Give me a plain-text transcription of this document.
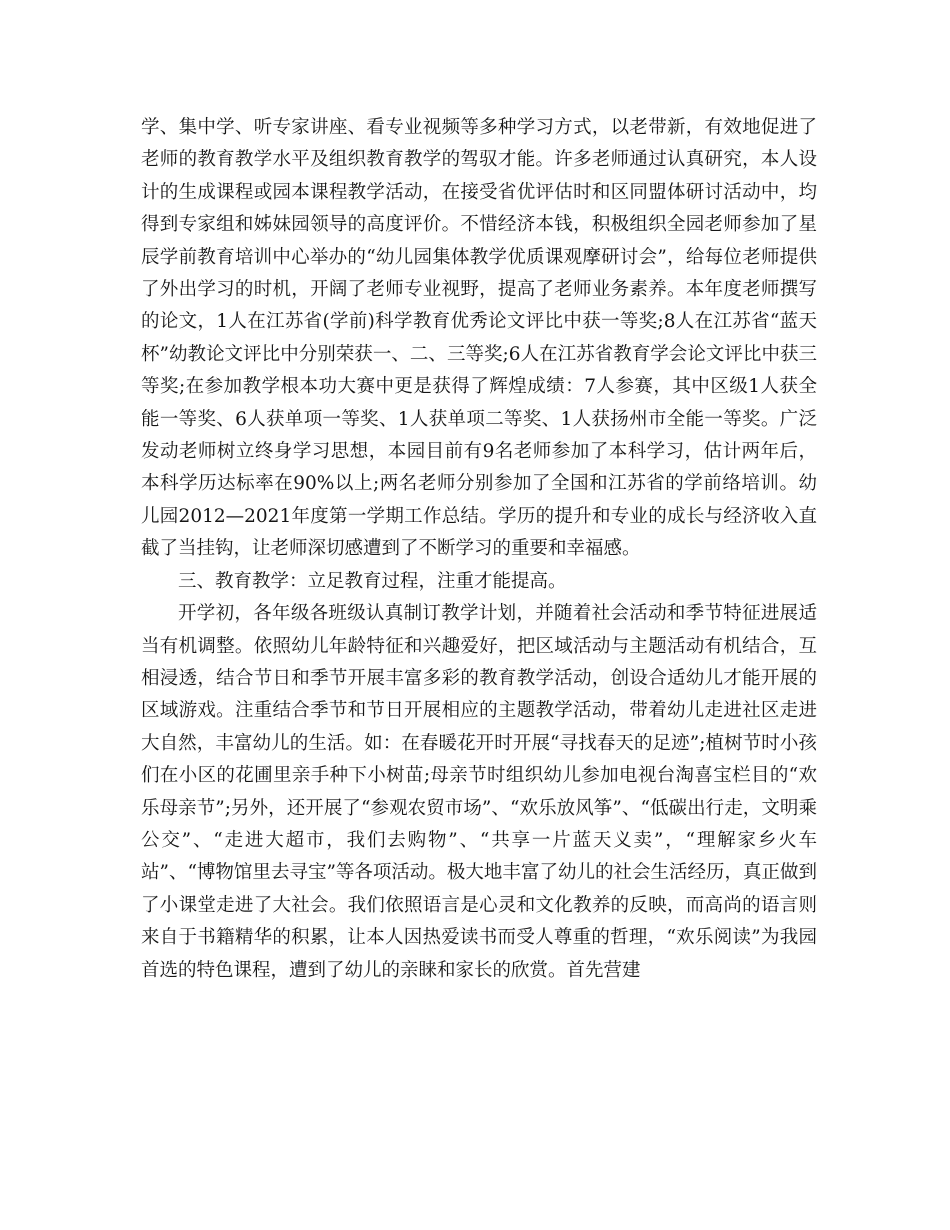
学、集中学、听专家讲座、看专业视频等多种学习方式，以老带新，有效地促进了老师的教育教学水平及组织教育教学的驾驭才能。许多老师通过认真研究，本人设计的生成课程或园本课程教学活动，在接受省优评估时和区同盟体研讨活动中，均得到专家组和姊妹园领导的高度评价。不惜经济本钱，积极组织全园老师参加了星辰学前教育培训中心举办的“幼儿园集体教学优质课观摩研讨会”，给每位老师提供了外出学习的时机，开阔了老师专业视野，提高了老师业务素养。本年度老师撰写的论文，1人在江苏省(学前)科学教育优秀论文评比中获一等奖;8人在江苏省“蓝天杯”幼教论文评比中分别荣获一、二、三等奖;6人在江苏省教育学会论文评比中获三等奖;在参加教学根本功大赛中更是获得了辉煌成绩：7人参赛，其中区级1人获全能一等奖、6人获单项一等奖、1人获单项二等奖、1人获扬州市全能一等奖。广泛发动老师树立终身学习思想，本园目前有9名老师参加了本科学习，估计两年后，本科学历达标率在90%以上;两名老师分别参加了全国和江苏省的学前络培训。幼儿园2012—2021年度第一学期工作总结。学历的提升和专业的成长与经济收入直截了当挂钩，让老师深切感遭到了不断学习的重要和幸福感。

三、教育教学：立足教育过程，注重才能提高。

开学初，各年级各班级认真制订教学计划，并随着社会活动和季节特征进展适当有机调整。依照幼儿年龄特征和兴趣爱好，把区域活动与主题活动有机结合，互相浸透，结合节日和季节开展丰富多彩的教育教学活动，创设合适幼儿才能开展的区域游戏。注重结合季节和节日开展相应的主题教学活动，带着幼儿走进社区走进大自然，丰富幼儿的生活。如：在春暖花开时开展“寻找春天的足迹”;植树节时小孩们在小区的花圃里亲手种下小树苗;母亲节时组织幼儿参加电视台淘喜宝栏目的“欢乐母亲节”;另外，还开展了“参观农贸市场”、“欢乐放风筝”、“低碳出行走，文明乘公交”、“走进大超市，我们去购物”、“共享一片蓝天义卖”，“理解家乡火车站”、“博物馆里去寻宝”等各项活动。极大地丰富了幼儿的社会生活经历，真正做到了小课堂走进了大社会。我们依照语言是心灵和文化教养的反映，而高尚的语言则来自于书籍精华的积累，让本人因热爱读书而受人尊重的哲理，“欢乐阅读”为我园首选的特色课程，遭到了幼儿的亲睐和家长的欣赏。首先营建
